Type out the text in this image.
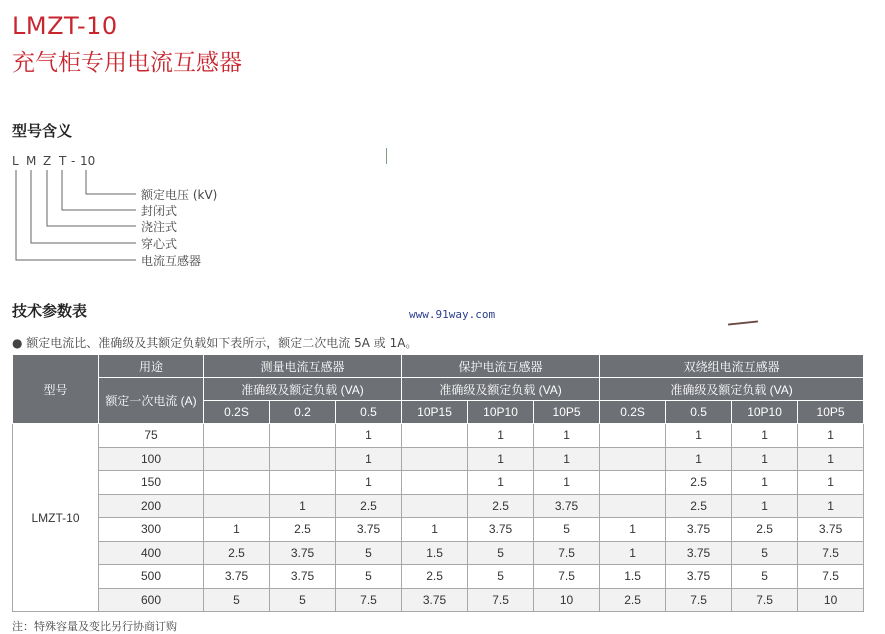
LMZT-10
充气柜专用电流互感器
型号含义
L M Z T - 10
额定电压 (kV)
封闭式
浇注式
穿心式
电流互感器
技术参数表	www.91way.com
● 额定电流比、准确级及其额定负载如下表所示，额定二次电流 5A 或 1A。
型号	用途	测量电流互感器			保护电流互感器			双绕组电流互感器			
	额定一次电流 (A)	准确级及额定负载 (VA)			准确级及额定负载 (VA)			准确级及额定负载 (VA)			
		0.2S	0.2	0.5	10P15	10P10	10P5	0.2S	0.5	10P10	10P5
LMZT-10	75			1		1	1		1	1	1
	100			1		1	1		1	1	1
	150			1		1	1		2.5	1	1
	200		1	2.5		2.5	3.75		2.5	1	1
	300	1	2.5	3.75	1	3.75	5	1	3.75	2.5	3.75
	400	2.5	3.75	5	1.5	5	7.5	1	3.75	5	7.5
	500	3.75	3.75	5	2.5	5	7.5	1.5	3.75	5	7.5
	600	5	5	7.5	3.75	7.5	10	2.5	7.5	7.5	10
注：特殊容量及变比另行协商订购
